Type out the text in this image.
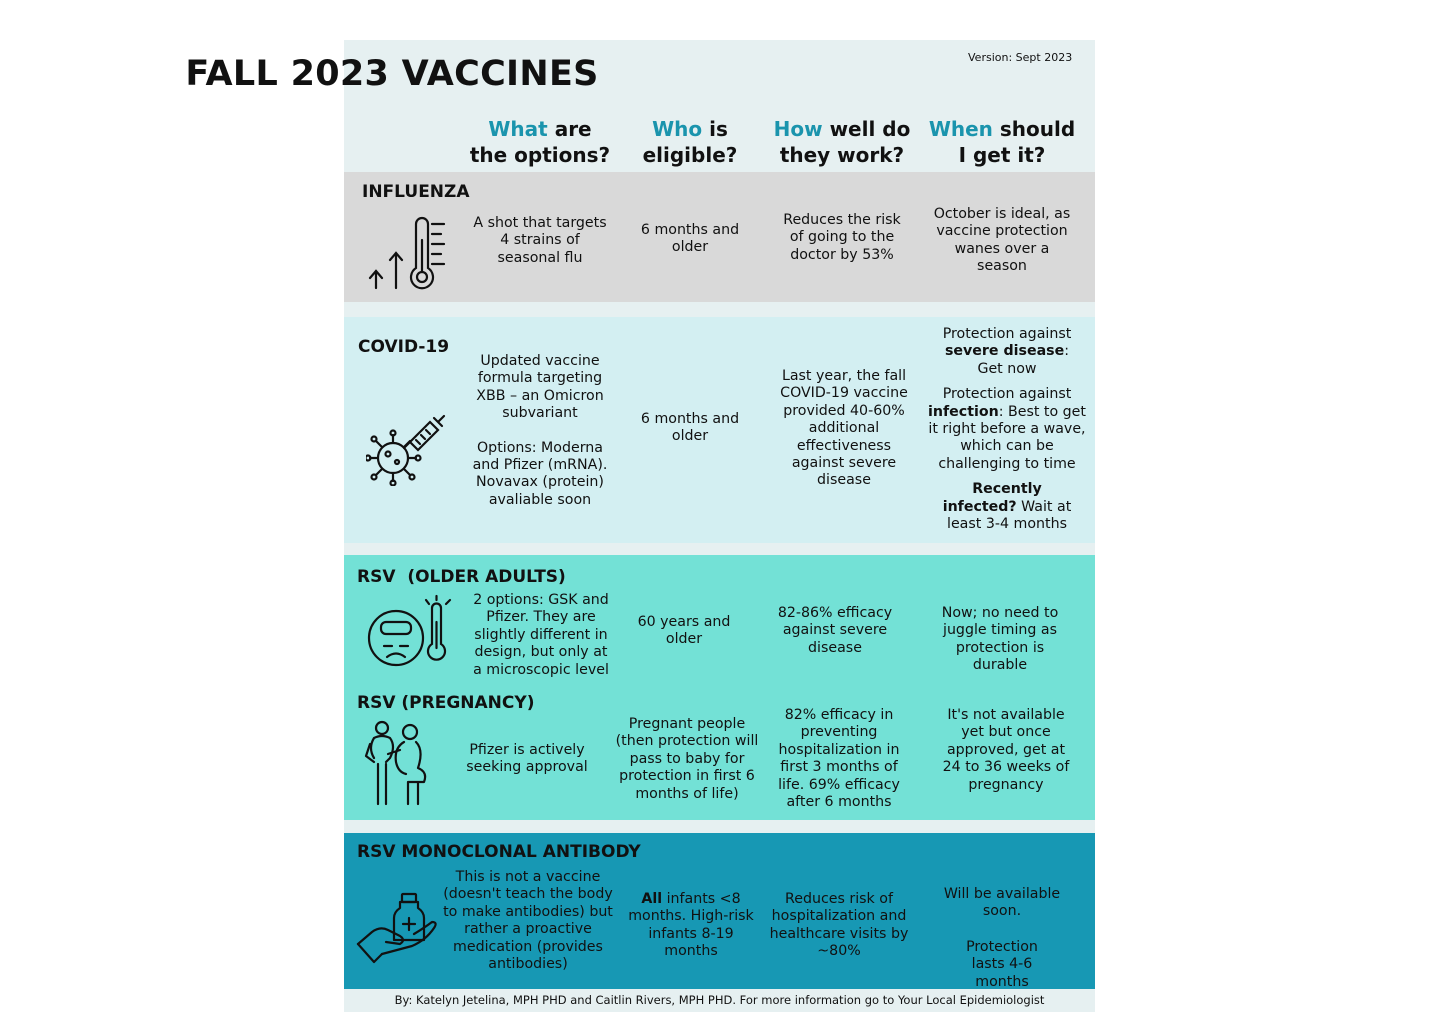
FALL 2023 VACCINES	Version: Sept 2023
What are
the options?
Who is
eligible?
How well do
they work?
When should
I get it?
INFLUENZA
A shot that targets 4 strains of seasonal flu
6 months and older
Reduces the risk of going to the doctor by 53%
October is ideal, as vaccine protection wanes over a season
COVID-19

Updated vaccine formula targeting XBB – an Omicron subvariant

Options: Moderna and Pfizer (mRNA). Novavax (protein) avaliable soon

6 months and older
Last year, the fall COVID-19 vaccine provided 40-60% additional effectiveness against severe disease

Protection against severe disease: Get now

Protection against infection: Best to get it right before a wave, which can be challenging to time

Recently infected? Wait at least 3-4 months

RSV  (OLDER ADULTS)
2 options: GSK and Pfizer. They are slightly different in design, but only at a microscopic level
60 years and older
82-86% efficacy against severe disease
Now; no need to juggle timing as protection is durable
RSV (PREGNANCY)
Pfizer is actively seeking approval
Pregnant people (then protection will pass to baby for protection in first 6 months of life)
82% efficacy in preventing hospitalization in first 3 months of life. 69% efficacy after 6 months
It's not available yet but once approved, get at 24 to 36 weeks of pregnancy
RSV MONOCLONAL ANTIBODY
This is not a vaccine (doesn't teach the body to make antibodies) but rather a proactive medication (provides antibodies)
All infants <8 months. High-risk infants 8-19 months
Reduces risk of hospitalization and healthcare visits by ~80%

Will be available soon.

Protection lasts 4-6 months

By: Katelyn Jetelina, MPH PHD and Caitlin Rivers, MPH PHD. For more information go to Your Local Epidemiologist
